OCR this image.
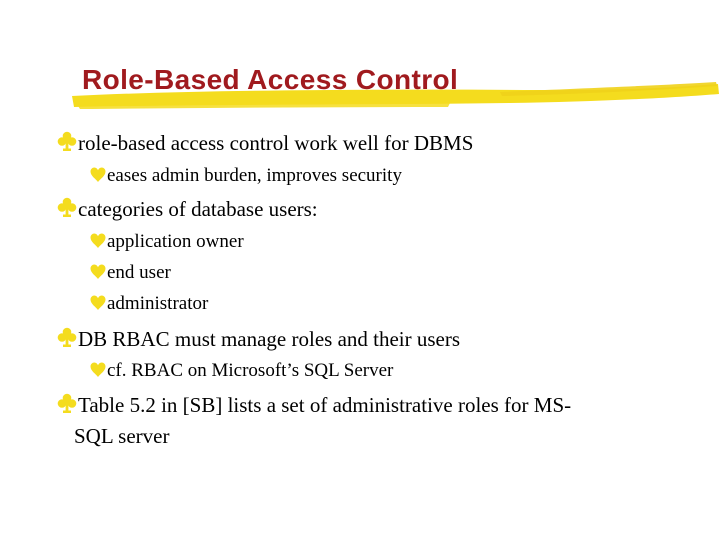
Role-Based Access Control
role-based access control work well for DBMS
eases admin burden, improves security
categories of database users:
application owner
end user
administrator
DB RBAC must manage roles and their users
cf. RBAC on Microsoft’s SQL Server
Table 5.2 in [SB] lists a set of administrative roles for MS-
SQL server
